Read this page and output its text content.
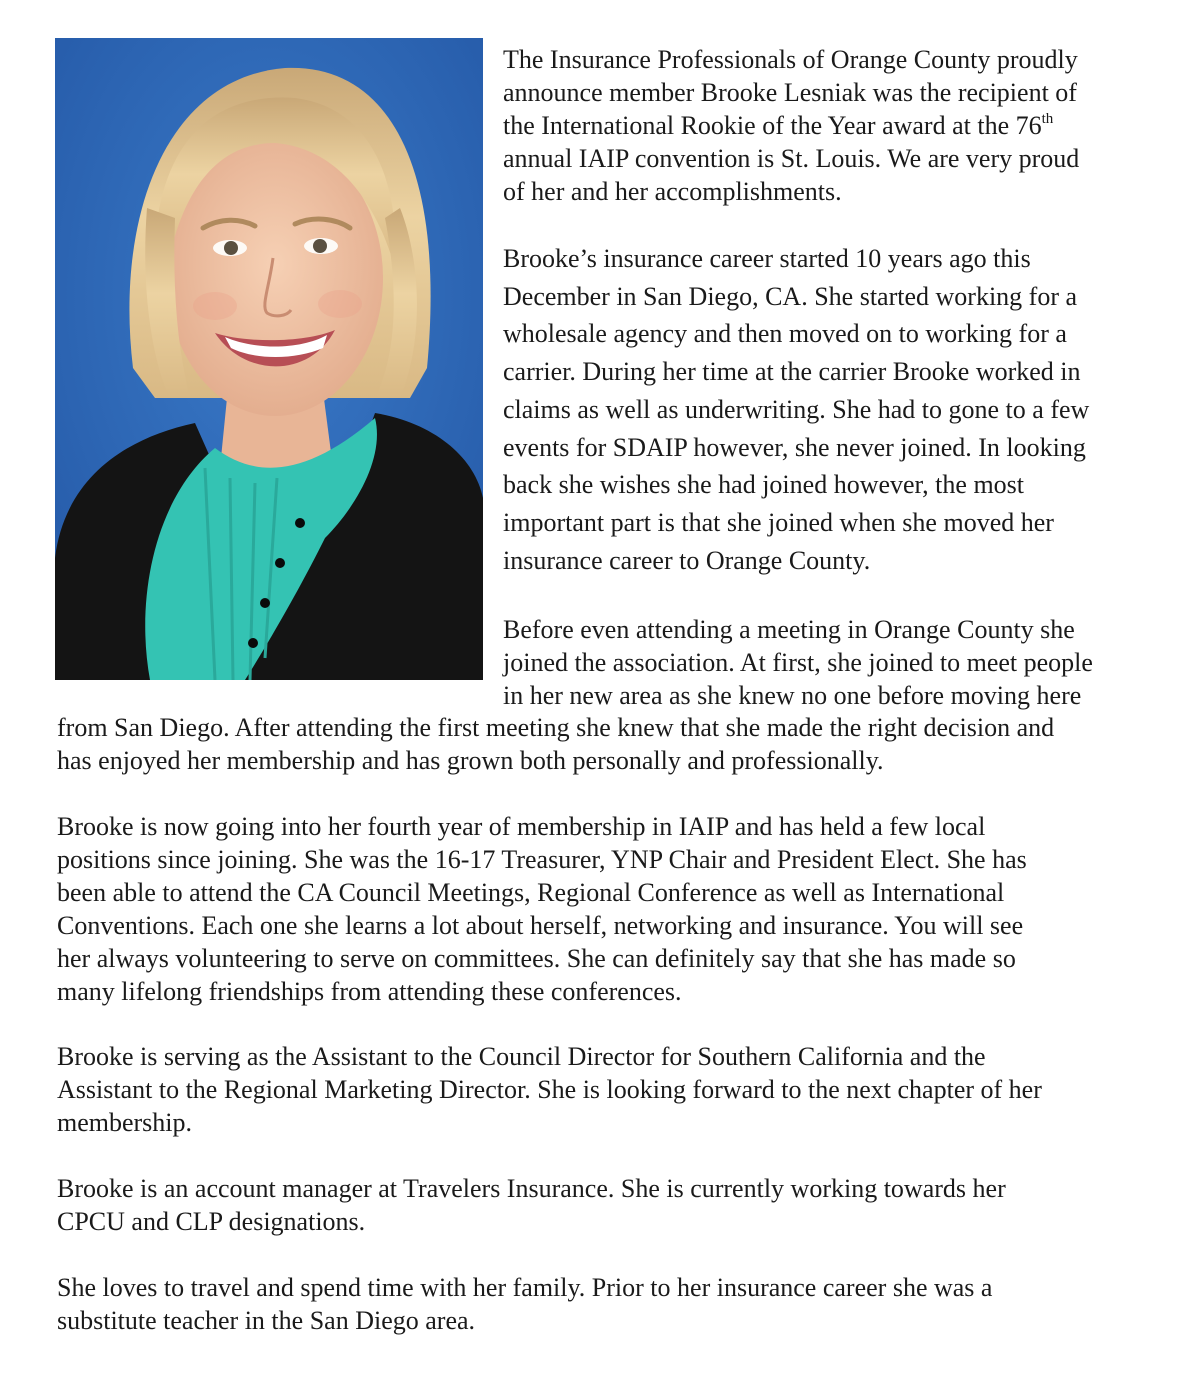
The Insurance Professionals of Orange County proudly
announce member Brooke Lesniak was the recipient of
the International Rookie of the Year award at the 76th
annual IAIP convention is St. Louis. We are very proud
of her and her accomplishments.

Brooke’s insurance career started 10 years ago this
December in San Diego, CA. She started working for a
wholesale agency and then moved on to working for a
carrier. During her time at the carrier Brooke worked in
claims as well as underwriting. She had to gone to a few
events for SDAIP however, she never joined. In looking
back she wishes she had joined however, the most
important part is that she joined when she moved her
insurance career to Orange County.

Before even attending a meeting in Orange County she
joined the association. At first, she joined to meet people
in her new area as she knew no one before moving here

from San Diego. After attending the first meeting she knew that she made the right decision and
has enjoyed her membership and has grown both personally and professionally.

Brooke is now going into her fourth year of membership in IAIP and has held a few local
positions since joining. She was the 16-17 Treasurer, YNP Chair and President Elect. She has
been able to attend the CA Council Meetings, Regional Conference as well as International
Conventions. Each one she learns a lot about herself, networking and insurance. You will see
her always volunteering to serve on committees. She can definitely say that she has made so
many lifelong friendships from attending these conferences.

Brooke is serving as the Assistant to the Council Director for Southern California and the
Assistant to the Regional Marketing Director. She is looking forward to the next chapter of her
membership.

Brooke is an account manager at Travelers Insurance. She is currently working towards her
CPCU and CLP designations.

She loves to travel and spend time with her family. Prior to her insurance career she was a
substitute teacher in the San Diego area.
